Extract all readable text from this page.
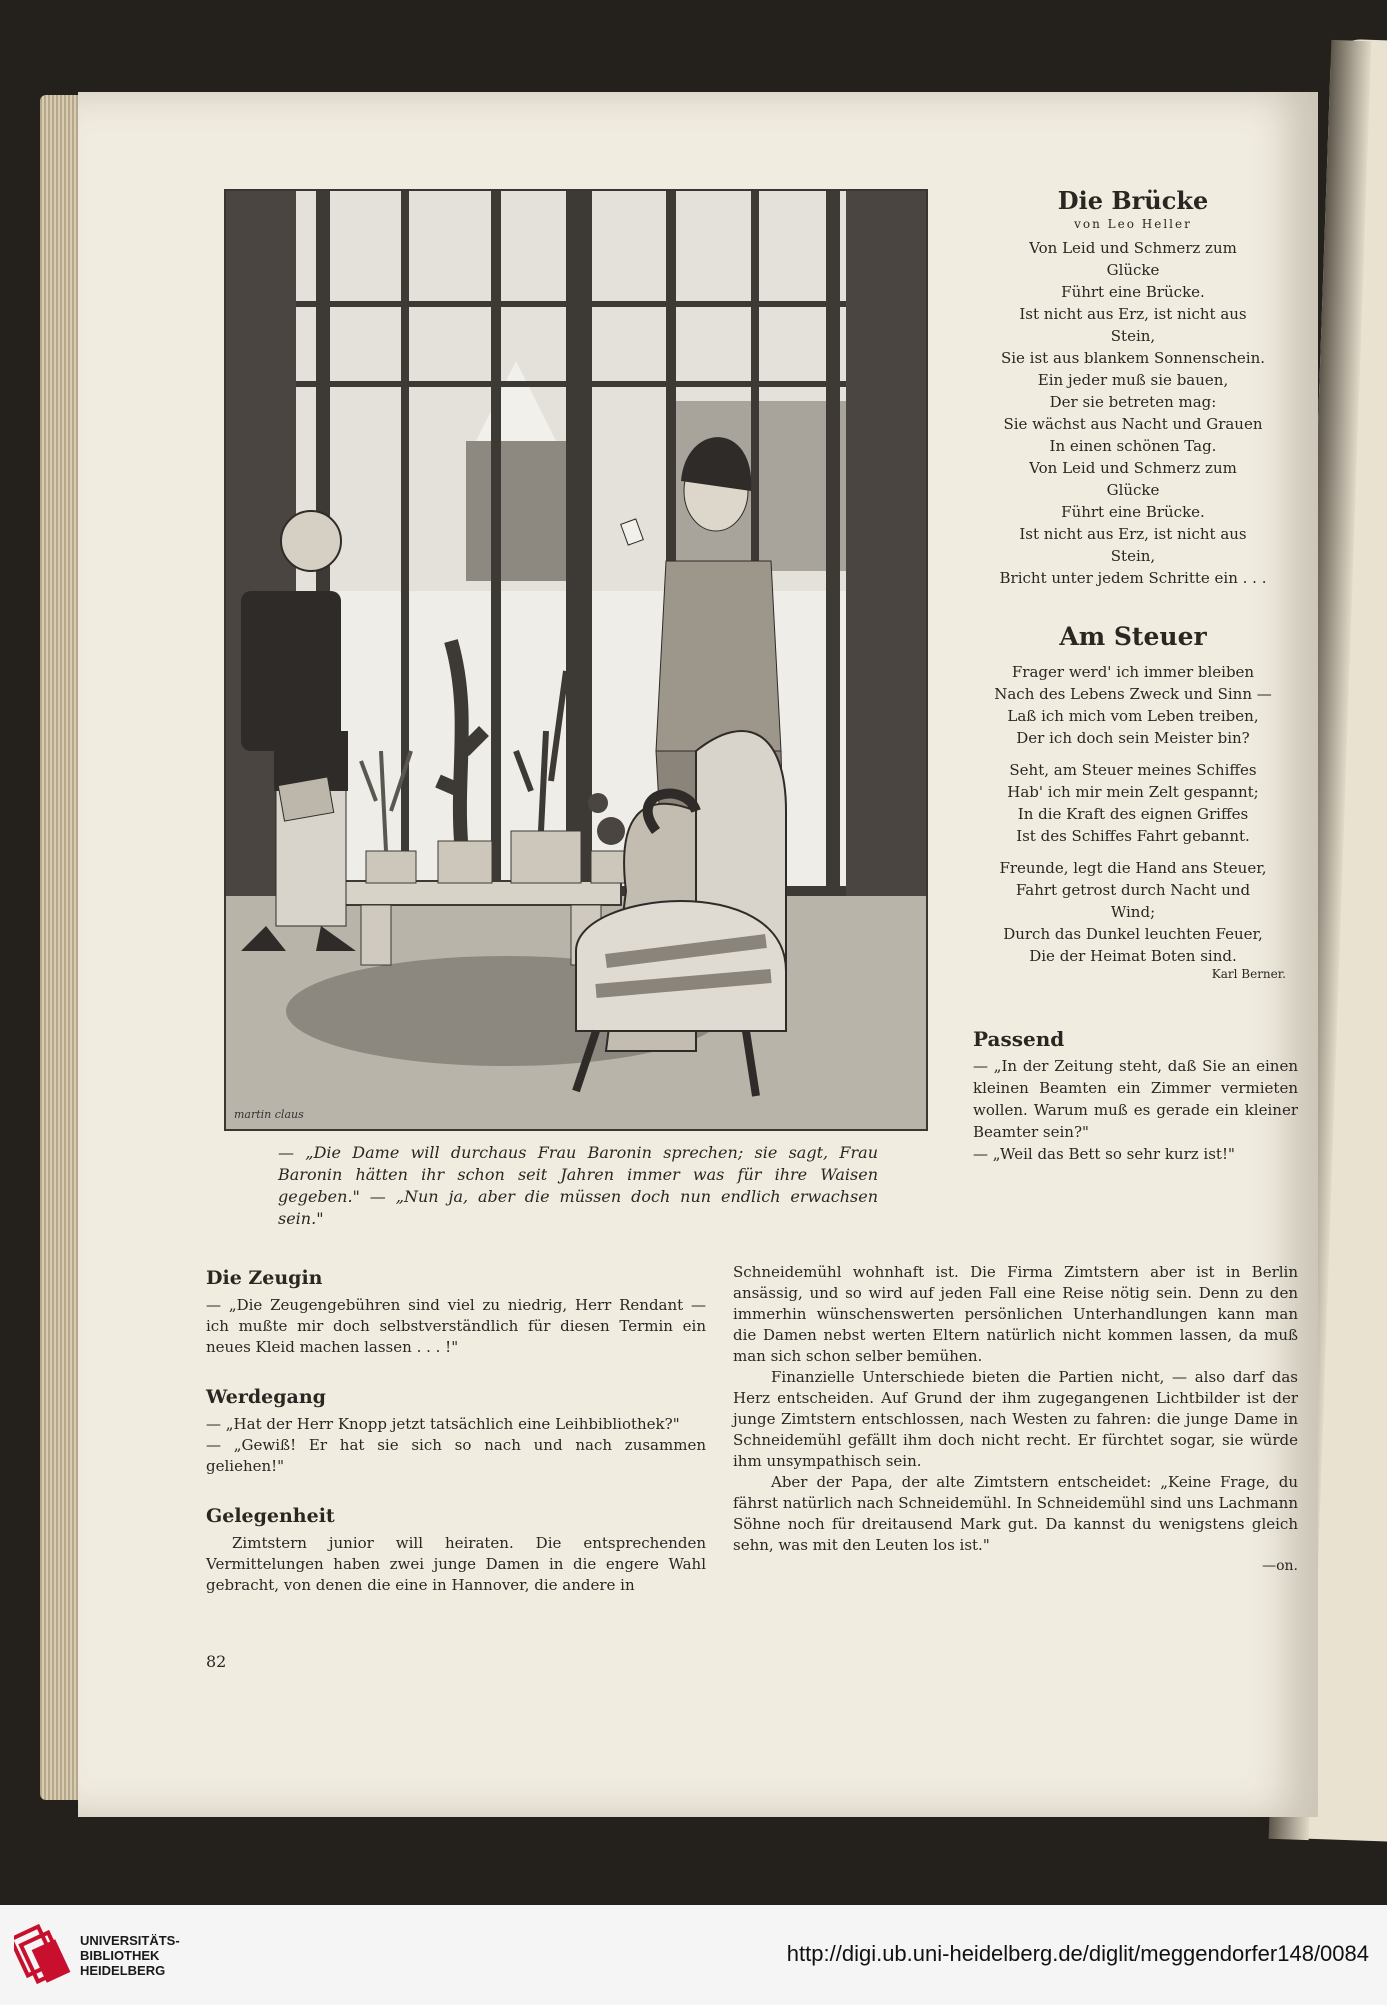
martin claus
— „Die Dame will durchaus Frau Baronin sprechen; sie sagt, Frau Baronin hätten ihr schon seit Jahren immer was für ihre Waisen gegeben." — „Nun ja, aber die müssen doch nun endlich erwachsen sein."
Die Brücke
von Leo Heller
Von Leid und Schmerz zum
Glücke
Führt eine Brücke.
Ist nicht aus Erz, ist nicht aus
Stein,
Sie ist aus blankem Sonnenschein.
Ein jeder muß sie bauen,
Der sie betreten mag:
Sie wächst aus Nacht und Grauen
In einen schönen Tag.
Von Leid und Schmerz zum
Glücke
Führt eine Brücke.
Ist nicht aus Erz, ist nicht aus
Stein,
Bricht unter jedem Schritte ein . . .
Am Steuer
Frager werd' ich immer bleiben
Nach des Lebens Zweck und Sinn —
Laß ich mich vom Leben treiben,
Der ich doch sein Meister bin?
Seht, am Steuer meines Schiffes
Hab' ich mir mein Zelt gespannt;
In die Kraft des eignen Griffes
Ist des Schiffes Fahrt gebannt.
Freunde, legt die Hand ans Steuer,
Fahrt getrost durch Nacht und
Wind;
Durch das Dunkel leuchten Feuer,
Die der Heimat Boten sind.
Karl Berner.
Passend

— „In der Zeitung steht, daß Sie an einen kleinen Beamten ein Zimmer vermieten wollen. Warum muß es gerade ein kleiner Beamter sein?"

— „Weil das Bett so sehr kurz ist!"

Die Zeugin

— „Die Zeugengebühren sind viel zu niedrig, Herr Rendant — ich mußte mir doch selbstverständlich für diesen Termin ein neues Kleid machen lassen . . . !"

Werdegang

— „Hat der Herr Knopp jetzt tatsächlich eine Leihbibliothek?"

— „Gewiß! Er hat sie sich so nach und nach zusammen geliehen!"

Gelegenheit

Zimtstern junior will heiraten. Die entsprechenden Vermittelungen haben zwei junge Damen in die engere Wahl gebracht, von denen die eine in Hannover, die andere in

Schneidemühl wohnhaft ist. Die Firma Zimtstern aber ist in Berlin ansässig, und so wird auf jeden Fall eine Reise nötig sein. Denn zu den immerhin wünschenswerten persönlichen Unterhandlungen kann man die Damen nebst werten Eltern natürlich nicht kommen lassen, da muß man sich schon selber bemühen.

Finanzielle Unterschiede bieten die Partien nicht, — also darf das Herz entscheiden. Auf Grund der ihm zugegangenen Lichtbilder ist der junge Zimtstern entschlossen, nach Westen zu fahren: die junge Dame in Schneidemühl gefällt ihm doch nicht recht. Er fürchtet sogar, sie würde ihm unsympathisch sein.

Aber der Papa, der alte Zimtstern entscheidet: „Keine Frage, du fährst natürlich nach Schneidemühl. In Schneidemühl sind uns Lachmann Söhne noch für dreitausend Mark gut. Da kannst du wenigstens gleich sehn, was mit den Leuten los ist."

—on.
82
UNIVERSITÄTS-
BIBLIOTHEK
HEIDELBERG
http://digi.ub.uni-heidelberg.de/diglit/meggendorfer148/0084
